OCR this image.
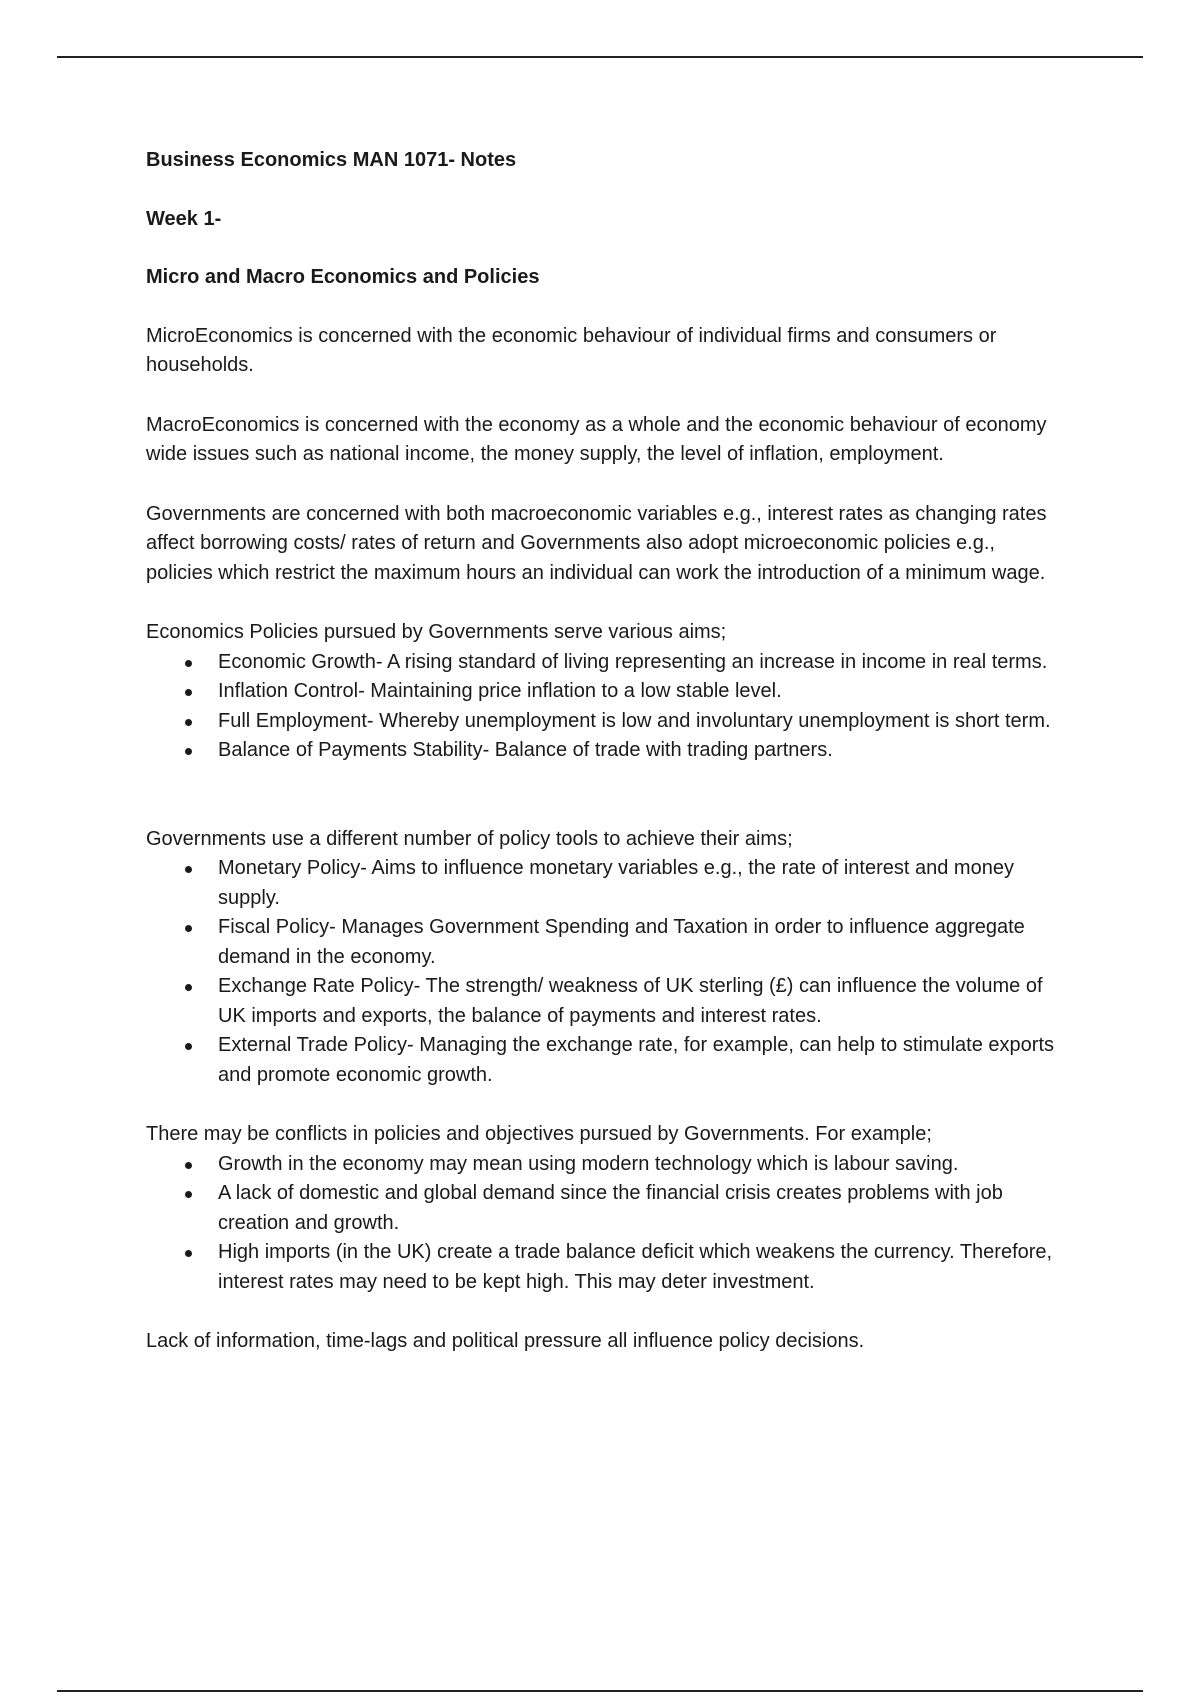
Business Economics MAN 1071- Notes

Week 1-

Micro and Macro Economics and Policies

MicroEconomics is concerned with the economic behaviour of individual firms and consumers or households.

MacroEconomics is concerned with the economy as a whole and the economic behaviour of economy wide issues such as national income, the money supply, the level of inflation, employment.

Governments are concerned with both macroeconomic variables e.g., interest rates as changing rates affect borrowing costs/ rates of return and Governments also adopt microeconomic policies e.g., policies which restrict the maximum hours an individual can work the introduction of a minimum wage.

Economics Policies pursued by Governments serve various aims;

Economic Growth- A rising standard of living representing an increase in income in real terms.
Inflation Control- Maintaining price inflation to a low stable level.
Full Employment- Whereby unemployment is low and involuntary unemployment is short term.
Balance of Payments Stability- Balance of trade with trading partners.

Governments use a different number of policy tools to achieve their aims;

Monetary Policy- Aims to influence monetary variables e.g., the rate of interest and money supply.
Fiscal Policy- Manages Government Spending and Taxation in order to influence aggregate demand in the economy.
Exchange Rate Policy- The strength/ weakness of UK sterling (£) can influence the volume of UK imports and exports, the balance of payments and interest rates.
External Trade Policy- Managing the exchange rate, for example, can help to stimulate exports and promote economic growth.

There may be conflicts in policies and objectives pursued by Governments. For example;

Growth in the economy may mean using modern technology which is labour saving.
A lack of domestic and global demand since the financial crisis creates problems with job creation and growth.
High imports (in the UK) create a trade balance deficit which weakens the currency. Therefore, interest rates may need to be kept high. This may deter investment.

Lack of information, time-lags and political pressure all influence policy decisions.
